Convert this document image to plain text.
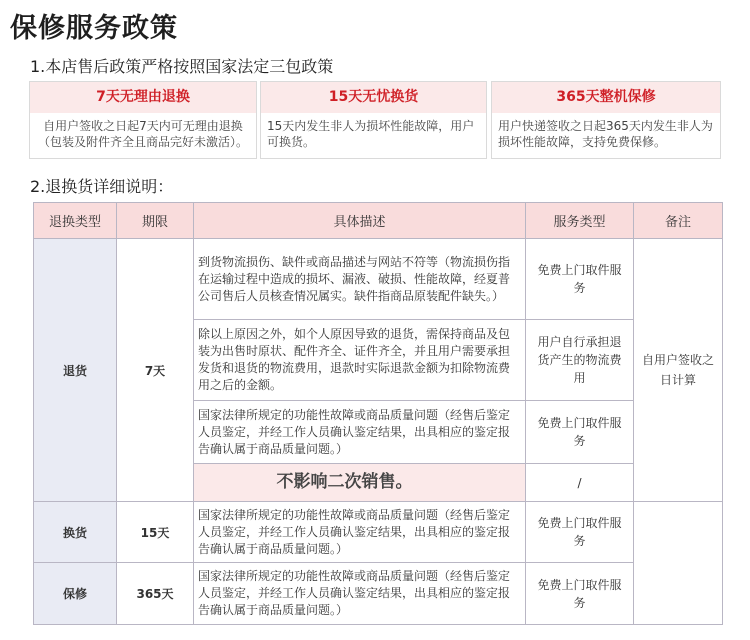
保修服务政策
1.本店售后政策严格按照国家法定三包政策
7天无理由退换
自用户签收之日起7天内可无理由退换（包装及附件齐全且商品完好未激活）。
15天无忧换货
15天内发生非人为损坏性能故障，用户可换货。
365天整机保修
用户快递签收之日起365天内发生非人为损坏性能故障，支持免费保修。
2.退换货详细说明：
退换类型	期限	具体描述	服务类型	备注
退货	7天	到货物流损伤、缺件或商品描述与网站不符等（物流损伤指在运输过程中造成的损坏、漏液、破损、性能故障，经夏普公司售后人员核查情况属实。缺件指商品原装配件缺失。）	免费上门取件服务	自用户签收之日计算
		除以上原因之外，如个人原因导致的退货，需保持商品及包装为出售时原状、配件齐全、证件齐全，并且用户需要承担发货和退货的物流费用，退款时实际退款金额为扣除物流费用之后的金额。	用户自行承担退货产生的物流费用	
		国家法律所规定的功能性故障或商品质量问题（经售后鉴定人员鉴定，并经工作人员确认鉴定结果，出具相应的鉴定报告确认属于商品质量问题。）	免费上门取件服务	
		不影响二次销售。	/	
换货	15天	国家法律所规定的功能性故障或商品质量问题（经售后鉴定人员鉴定，并经工作人员确认鉴定结果，出具相应的鉴定报告确认属于商品质量问题。）	免费上门取件服务	
保修	365天	国家法律所规定的功能性故障或商品质量问题（经售后鉴定人员鉴定，并经工作人员确认鉴定结果，出具相应的鉴定报告确认属于商品质量问题。）	免费上门取件服务	
